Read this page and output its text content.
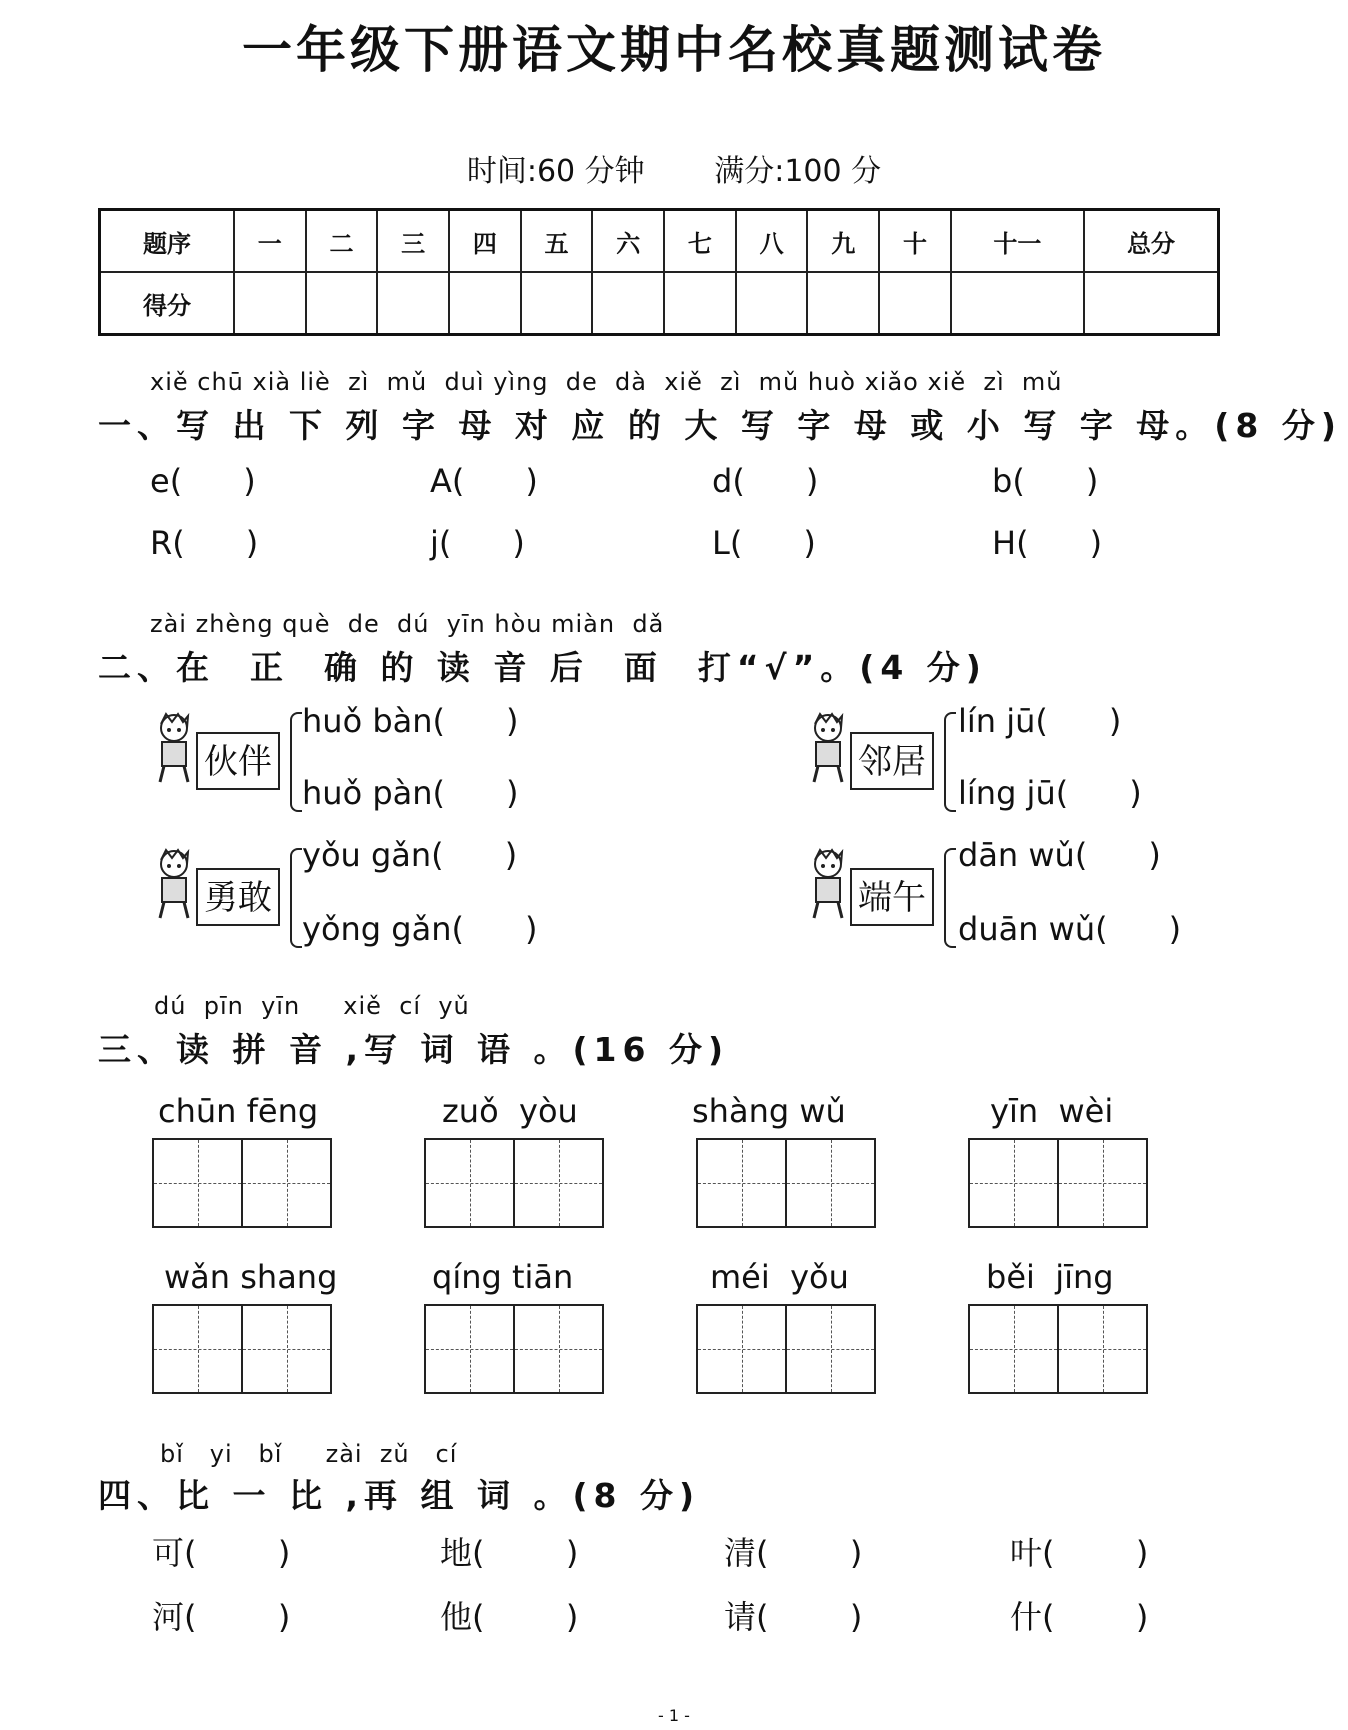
一年级下册语文期中名校真题测试卷
时间:60 分钟 满分:100 分
题序	一	二	三	四	五	六	七	八	九	十	十一	总分
得分												
xiě chū xià liè  zì  mǔ  duì yìng  de  dà  xiě  zì  mǔ huò xiǎo xiě  zì  mǔ
一、写 出 下 列 字 母 对 应 的 大 写 字 母 或 小 写 字 母。(8 分)
e(      )	A(      )	d(      )	b(      )
R(      )	j(      )	L(      )	H(      )
zài zhèng què  de  dú  yīn hòu miàn  dǎ
二、在  正  确 的 读 音 后  面  打“√”。(4 分)
伙伴
huǒ bàn(      )
huǒ pàn(      )
邻居
lín jū(      )
líng jū(      )
勇敢
yǒu gǎn(      )
yǒng gǎn(      )
端午
dān wǔ(      )
duān wǔ(      )
dú  pīn  yīn     xiě  cí  yǔ
三、读 拼 音 ,写 词 语 。(16 分)
chūn fēng	zuǒ  yòu	shàng wǔ	yīn  wèi
wǎn shang	qíng tiān	méi  yǒu	běi  jīng
bǐ   yi   bǐ     zài  zǔ   cí
四、比 一 比 ,再 组 词 。(8 分)
可(        )	地(        )	清(        )	叶(        )
河(        )	他(        )	请(        )	什(        )
- 1 -
